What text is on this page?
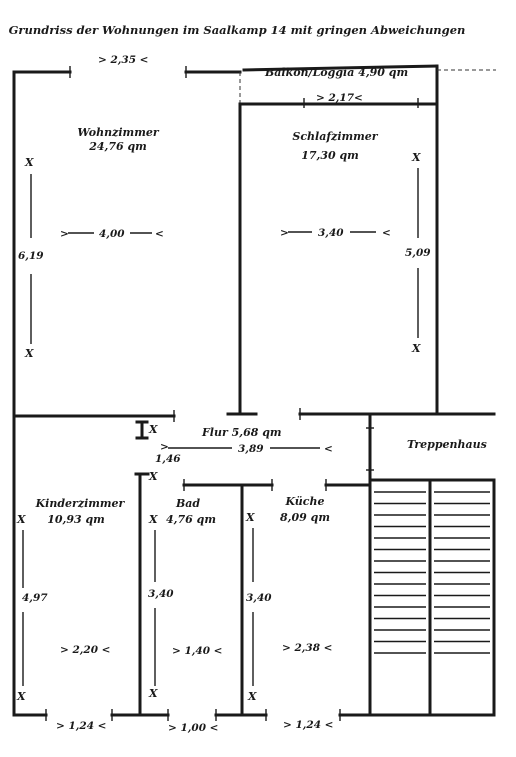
Grundriss der Wohnungen im Saalkamp 14 mit gringen Abweichungen
Balkon/Loggia 4,90 qm
> 2,17<
> 2,35 <
Wohnzimmer
24,76 qm
X
6,19
X
>	4,00	<
Schlafzimmer
17,30 qm	X
5,09
X
>	3,40	<
Flur 5,68 qm
X
>
1,46
3,89	<
X
Treppenhaus
Kinderzimmer
10,93 qm
X
4,97
X
> 2,20 <
Bad
4,76 qm
X
3,40
X
> 1,40 <
Küche
8,09 qm
X
3,40
X
> 2,38 <
> 1,24 <	> 1,00 <	> 1,24 <
